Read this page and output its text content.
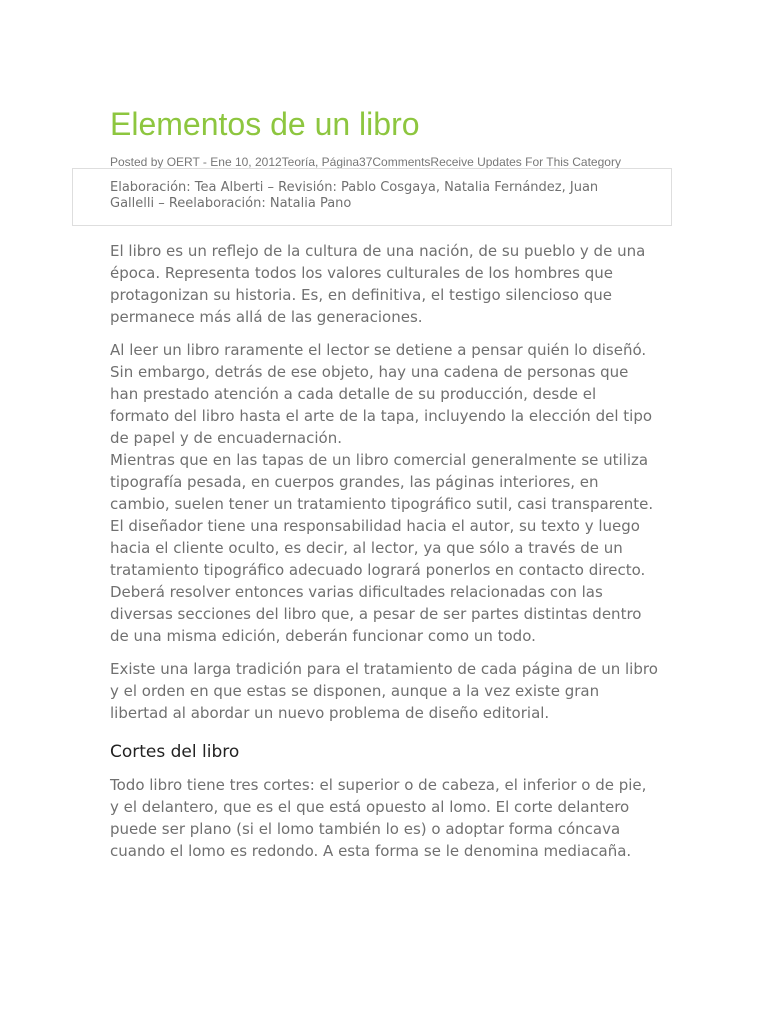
Elementos de un libro
Posted by OERT - Ene 10, 2012Teoría, Página37CommentsReceive Updates For This Category
Elaboración: Tea Alberti – Revisión: Pablo Cosgaya, Natalia Fernández, Juan Gallelli – Reelaboración: Natalia Pano

El libro es un reflejo de la cultura de una nación, de su pueblo y de una época. Representa todos los valores culturales de los hombres que protagonizan su historia. Es, en definitiva, el testigo silencioso que permanece más allá de las generaciones.

Al leer un libro raramente el lector se detiene a pensar quién lo diseñó. Sin embargo, detrás de ese objeto, hay una cadena de personas que han prestado atención a cada detalle de su producción, desde el formato del libro hasta el arte de la tapa, incluyendo la elección del tipo de papel y de encuadernación.

Mientras que en las tapas de un libro comercial generalmente se utiliza tipografía pesada, en cuerpos grandes, las páginas interiores, en cambio, suelen tener un tratamiento tipográfico sutil, casi transparente. El diseñador tiene una responsabilidad hacia el autor, su texto y luego hacia el cliente oculto, es decir, al lector, ya que sólo a través de un tratamiento tipográfico adecuado logrará ponerlos en contacto directo. Deberá resolver entonces varias dificultades relacionadas con las diversas secciones del libro que, a pesar de ser partes distintas dentro de una misma edición, deberán funcionar como un todo.

Existe una larga tradición para el tratamiento de cada página de un libro y el orden en que estas se disponen, aunque a la vez existe gran libertad al abordar un nuevo problema de diseño editorial.

Cortes del libro

Todo libro tiene tres cortes: el superior o de cabeza, el inferior o de pie, y el delantero, que es el que está opuesto al lomo. El corte delantero puede ser plano (si el lomo también lo es) o adoptar forma cóncava cuando el lomo es redondo. A esta forma se le denomina mediacaña.
